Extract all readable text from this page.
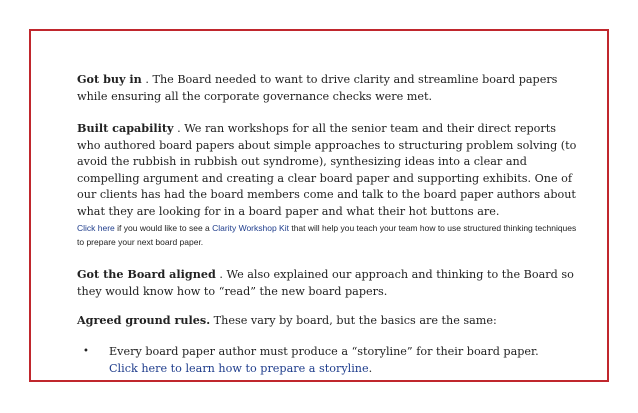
Got buy in . The Board needed to want to drive clarity and streamline board papers while ensuring all the corporate governance checks were met.

Built capability . We ran workshops for all the senior team and their direct reports who authored board papers about simple approaches to structuring problem solving (to avoid the rubbish in rubbish out syndrome), synthesizing ideas into a clear and compelling argument and creating a clear board paper and supporting exhibits. One of our clients has had the board members come and talk to the board paper authors about what they are looking for in a board paper and what their hot buttons are.

Click here if you would like to see a Clarity Workshop Kit that will help you teach your team how to use structured thinking techniques to prepare your next board paper.

Got the Board aligned . We also explained our approach and thinking to the Board so they would know how to “read” the new board papers.

Agreed ground rules. These vary by board, but the basics are the same:

•	Every board paper author must produce a “storyline” for their board paper. Click here to learn how to prepare a storyline.
